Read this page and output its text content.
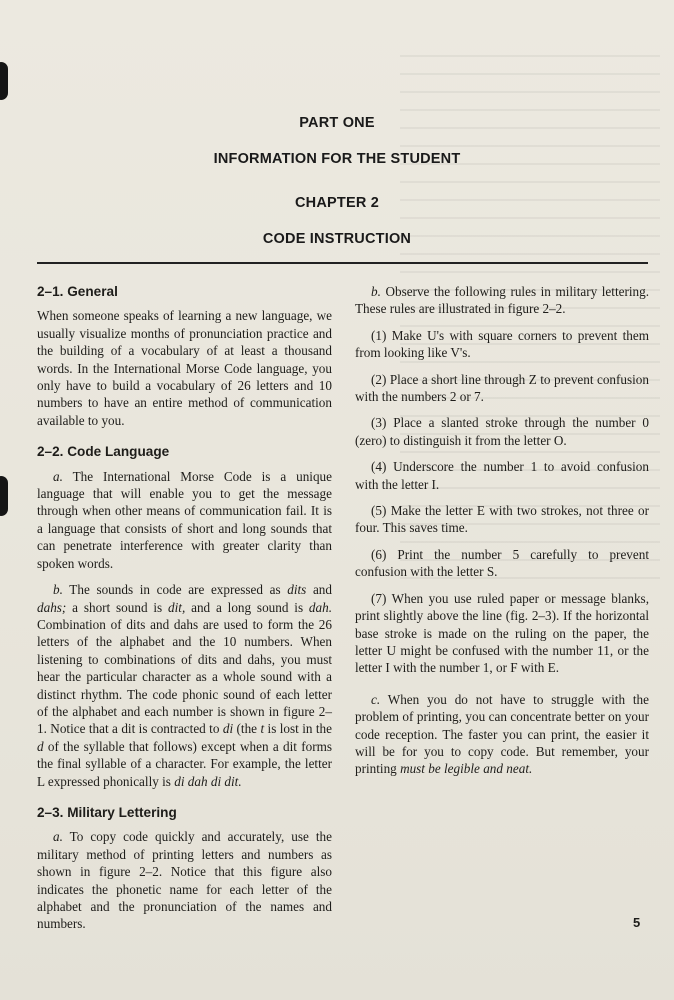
PART ONE
INFORMATION FOR THE STUDENT
CHAPTER 2
CODE INSTRUCTION

2–1. General

When someone speaks of learning a new language, we usually visualize months of pronunciation practice and the building of a vocabulary of at least a thousand words. In the International Morse Code language, you only have to build a vocabulary of 26 letters and 10 numbers to have an entire method of communication available to you.

2–2. Code Language

a. The International Morse Code is a unique language that will enable you to get the message through when other means of communication fail. It is a language that consists of short and long sounds that can penetrate interference with greater clarity than spoken words.

b. The sounds in code are expressed as dits and dahs; a short sound is dit, and a long sound is dah. Combination of dits and dahs are used to form the 26 letters of the alphabet and the 10 numbers. When listening to combinations of dits and dahs, you must hear the particular character as a whole sound with a distinct rhythm. The code phonic sound of each letter of the alphabet and each number is shown in figure 2–1. Notice that a dit is contracted to di (the t is lost in the d of the syllable that follows) except when a dit forms the final syllable of a character. For example, the letter L expressed phonically is di dah di dit.

2–3. Military Lettering

a. To copy code quickly and accurately, use the military method of printing letters and numbers as shown in figure 2–2. Notice that this figure also indicates the phonetic name for each letter of the alphabet and the pronunciation of the names and numbers.

b. Observe the following rules in military lettering. These rules are illustrated in figure 2–2.

(1) Make U's with square corners to prevent them from looking like V's.

(2) Place a short line through Z to prevent confusion with the numbers 2 or 7.

(3) Place a slanted stroke through the number 0 (zero) to distinguish it from the letter O.

(4) Underscore the number 1 to avoid confusion with the letter I.

(5) Make the letter E with two strokes, not three or four. This saves time.

(6) Print the number 5 carefully to prevent confusion with the letter S.

(7) When you use ruled paper or message blanks, print slightly above the line (fig. 2–3). If the horizontal base stroke is made on the ruling on the paper, the letter U might be confused with the number 11, or the letter I with the number 1, or F with E.

c. When you do not have to struggle with the problem of printing, you can concentrate better on your code reception. The faster you can print, the easier it will be for you to copy code. But remember, your printing must be legible and neat.

5
